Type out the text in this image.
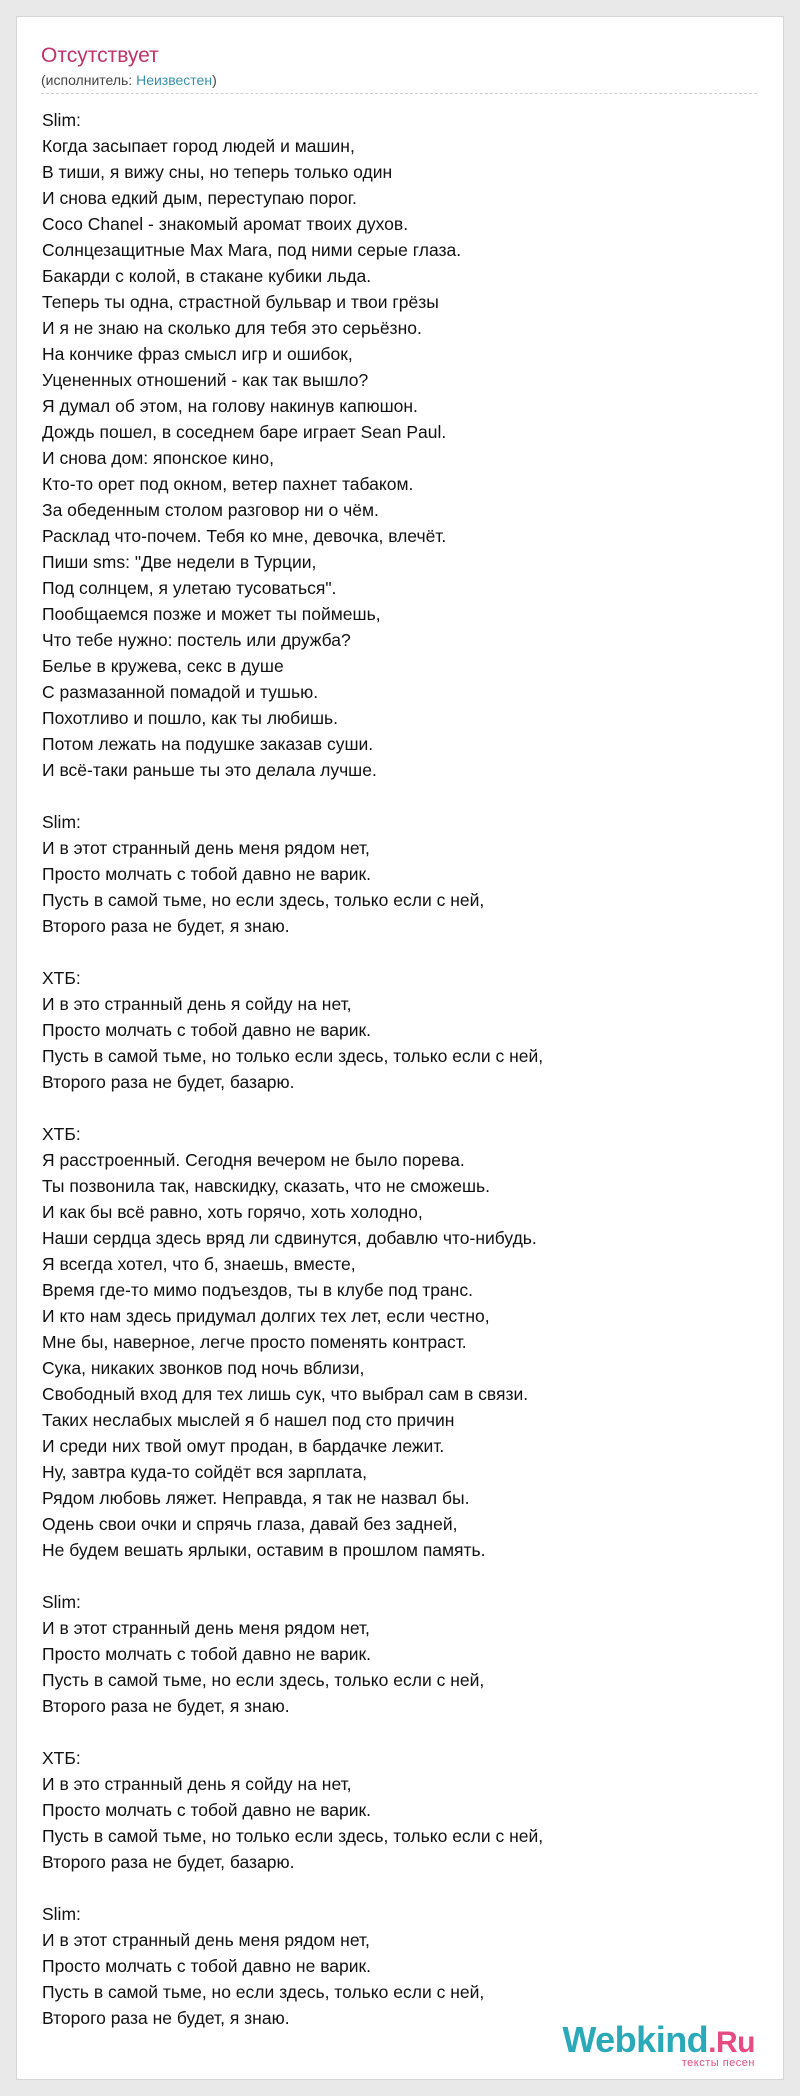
Отсутствует
(исполнитель: Неизвестен)
Slim:
Когда засыпает город людей и машин,
В тиши, я вижу сны, но теперь только один
И снова едкий дым, переступаю порог.
Coco Chanel - знакомый аромат твоих духов.
Солнцезащитные Max Mara, под ними серые глаза.
Бакарди с колой, в стакане кубики льда.
Теперь ты одна, страстной бульвар и твои грёзы
И я не знаю на сколько для тебя это серьёзно.
На кончике фраз смысл игр и ошибок,
Уцененных отношений - как так вышло?
Я думал об этом, на голову накинув капюшон.
Дождь пошел, в соседнем баре играет Sean Paul.
И снова дом: японское кино,
Кто-то орет под окном, ветер пахнет табаком.
За обеденным столом разговор ни о чём.
Расклад что-почем. Тебя ко мне, девочка, влечёт.
Пиши sms: "Две недели в Турции,
Под солнцем, я улетаю тусоваться".
Пообщаемся позже и может ты поймешь,
Что тебе нужно: постель или дружба?
Белье в кружева, секс в душе
С размазанной помадой и тушью.
Похотливо и пошло, как ты любишь.
Потом лежать на подушке заказав суши.
И всё-таки раньше ты это делала лучше.
Slim:
И в этот странный день меня рядом нет,
Просто молчать с тобой давно не варик.
Пусть в самой тьме, но если здесь, только если с ней,
Второго раза не будет, я знаю.
ХТБ:
И в это странный день я сойду на нет,
Просто молчать с тобой давно не варик.
Пусть в самой тьме, но только если здесь, только если с ней,
Второго раза не будет, базарю.
ХТБ:
Я расстроенный. Сегодня вечером не было порева.
Ты позвонила так, навскидку, сказать, что не сможешь.
И как бы всё равно, хоть горячо, хоть холодно,
Наши сердца здесь вряд ли сдвинутся, добавлю что-нибудь.
Я всегда хотел, что б, знаешь, вместе,
Время где-то мимо подъездов, ты в клубе под транс.
И кто нам здесь придумал долгих тех лет, если честно,
Мне бы, наверное, легче просто поменять контраст.
Сука, никаких звонков под ночь вблизи,
Свободный вход для тех лишь сук, что выбрал сам в связи.
Таких неслабых мыслей я б нашел под сто причин
И среди них твой омут продан, в бардачке лежит.
Ну, завтра куда-то сойдёт вся зарплата,
Рядом любовь ляжет. Неправда, я так не назвал бы.
Одень свои очки и спрячь глаза, давай без задней,
Не будем вешать ярлыки, оставим в прошлом память.
Slim:
И в этот странный день меня рядом нет,
Просто молчать с тобой давно не варик.
Пусть в самой тьме, но если здесь, только если с ней,
Второго раза не будет, я знаю.
ХТБ:
И в это странный день я сойду на нет,
Просто молчать с тобой давно не варик.
Пусть в самой тьме, но только если здесь, только если с ней,
Второго раза не будет, базарю.
Slim:
И в этот странный день меня рядом нет,
Просто молчать с тобой давно не варик.
Пусть в самой тьме, но если здесь, только если с ней,
Второго раза не будет, я знаю.
Webkind.Ru
тексты песен
